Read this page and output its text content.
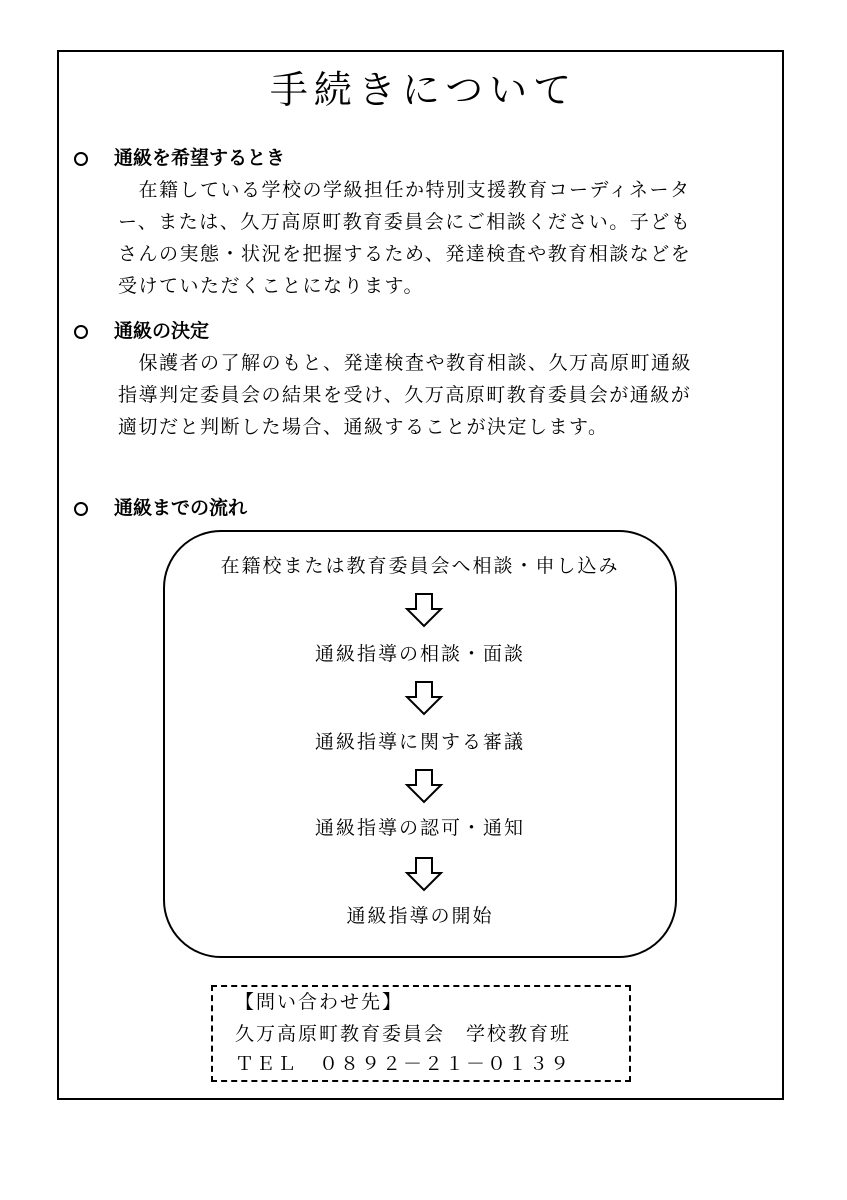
手続きについて
通級を希望するとき
　在籍している学校の学級担任か特別支援教育コーディネータ
ー、または、久万高原町教育委員会にご相談ください。子ども
さんの実態・状況を把握するため、発達検査や教育相談などを
受けていただくことになります。
通級の決定
　保護者の了解のもと、発達検査や教育相談、久万高原町通級
指導判定委員会の結果を受け、久万高原町教育委員会が通級が
適切だと判断した場合、通級することが決定します。
通級までの流れ
在籍校または教育委員会へ相談・申し込み
通級指導の相談・面談
通級指導に関する審議
通級指導の認可・通知
通級指導の開始
【問い合わせ先】
久万高原町教育委員会　学校教育班
ＴＥＬ　０８９２－２１－０１３９
